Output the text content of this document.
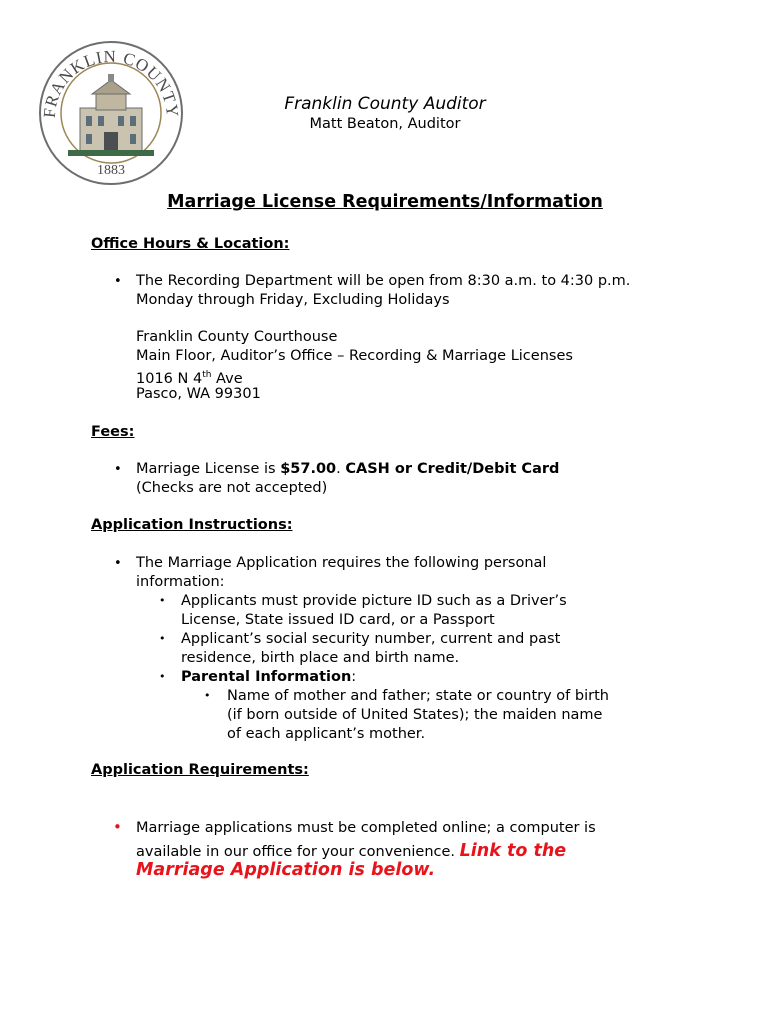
FRANKLIN COUNTY
1883
Franklin County Auditor
Matt Beaton, Auditor
Marriage License Requirements/Information
Office Hours & Location:
• The Recording Department will be open from 8:30 a.m. to 4:30 p.m.
Monday through Friday, Excluding Holidays
Franklin County Courthouse
Main Floor, Auditor’s Office – Recording & Marriage Licenses
1016 N 4th Ave
Pasco, WA 99301
Fees:
• Marriage License is $57.00. CASH or Credit/Debit Card
(Checks are not accepted)
Application Instructions:
• The Marriage Application requires the following personal
information:
• Applicants must provide picture ID such as a Driver’s
License, State issued ID card, or a Passport
• Applicant’s social security number, current and past
residence, birth place and birth name.
• Parental Information:
• Name of mother and father; state or country of birth
(if born outside of United States); the maiden name
of each applicant’s mother.
Application Requirements:
• Marriage applications must be completed online; a computer is
available in our office for your convenience. Link to the
Marriage Application is below.
